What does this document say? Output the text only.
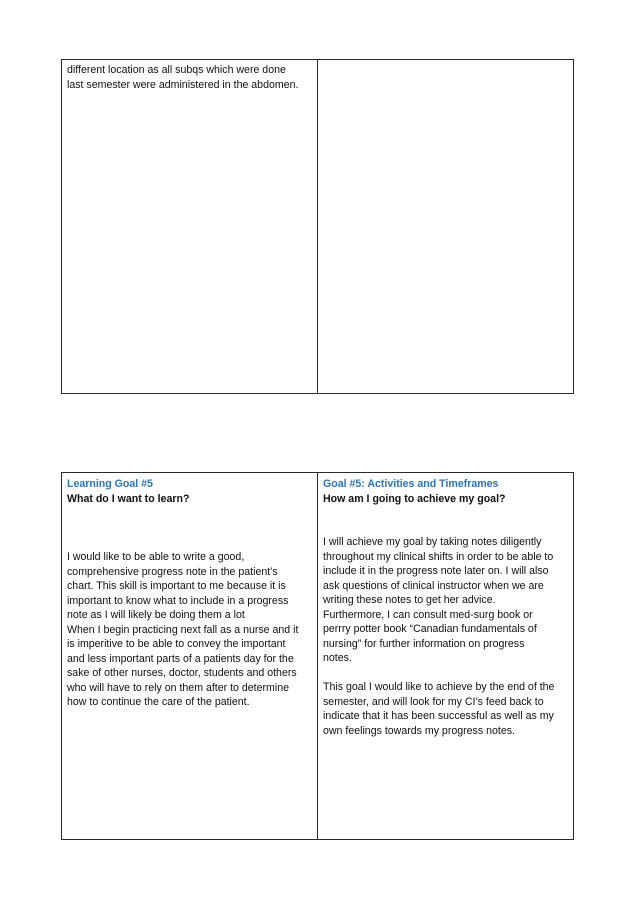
different location as all subqs which were done
last semester were administered in the abdomen.

Learning Goal #5
What do I want to learn?

I would like to be able to write a good,
comprehensive progress note in the patient’s
chart. This skill is important to me because it is
important to know what to include in a progress
note as I will likely be doing them a lot

When I begin practicing next fall as a nurse and it
is imperitive to be able to convey the important
and less important parts of a patients day for the
sake of other nurses, doctor, students and others
who will have to rely on them after to determine
how to continue the care of the patient.

Goal #5: Activities and Timeframes
How am I going to achieve my goal?

I will achieve my goal by taking notes diligently
throughout my clinical shifts in order to be able to
include it in the progress note later on. I will also
ask questions of clinical instructor when we are
writing these notes to get her advice.

Furthermore, I can consult med-surg book or
perrry potter book “Canadian fundamentals of
nursing” for further information on progress
notes.

This goal I would like to achieve by the end of the
semester, and will look for my CI’s feed back to
indicate that it has been successful as well as my
own feelings towards my progress notes.
